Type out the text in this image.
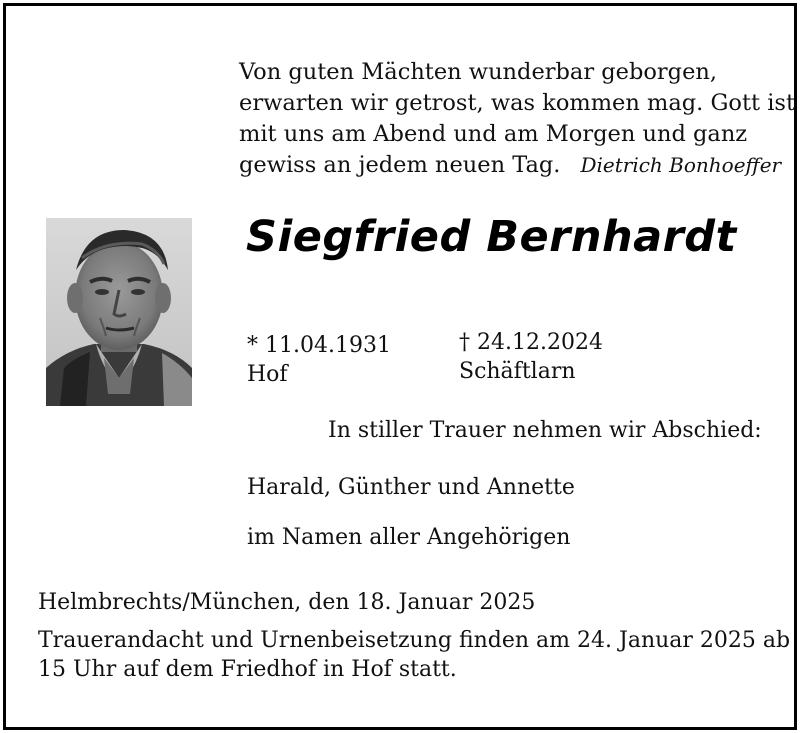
Von guten Mächten wunderbar geborgen,
erwarten wir getrost, was kommen mag. Gott ist
mit uns am Abend und am Morgen und ganz
gewiss an jedem neuen Tag. Dietrich Bonhoeffer
Siegfried Bernhardt
* 11.04.1931
Hof
† 24.12.2024
Schäftlarn
In stiller Trauer nehmen wir Abschied:
Harald, Günther und Annette
im Namen aller Angehörigen
Helmbrechts/München, den 18. Januar 2025
Trauerandacht und Urnenbeisetzung finden am 24. Januar 2025 ab
15 Uhr auf dem Friedhof in Hof statt.
